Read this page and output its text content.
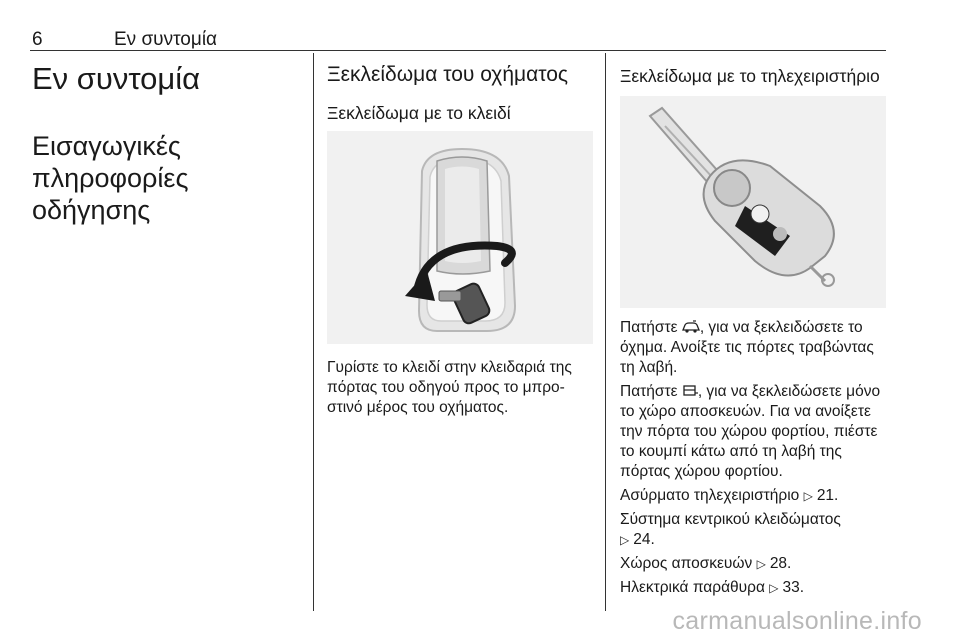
6	Εν συντομία
Εν συντομία
Εισαγωγικές πληροφορίες οδήγησης
Ξεκλείδωμα του οχήματος
Ξεκλείδωμα με το κλειδί
Γυρίστε το κλειδί στην κλειδαριά της πόρτας του οδηγού προς το μπρο- στινό μέρος του οχήματος.
Ξεκλείδωμα με το τηλεχειριστήριο

Πατήστε , για να ξεκλειδώσετε το όχημα. Ανοίξτε τις πόρτες τραβώντας τη λαβή.

Πατήστε , για να ξεκλειδώσετε μόνο το χώρο αποσκευών. Για να ανοίξετε την πόρτα του χώρου φορτίου, πιέστε το κουμπί κάτω από τη λαβή της πόρτας χώρου φορτίου.

Ασύρματο τηλεχειριστήριο ▷ 21.

Σύστημα κεντρικού κλειδώματος
▷ 24.

Χώρος αποσκευών ▷ 28.

Ηλεκτρικά παράθυρα ▷ 33.

carmanualsonline.info
